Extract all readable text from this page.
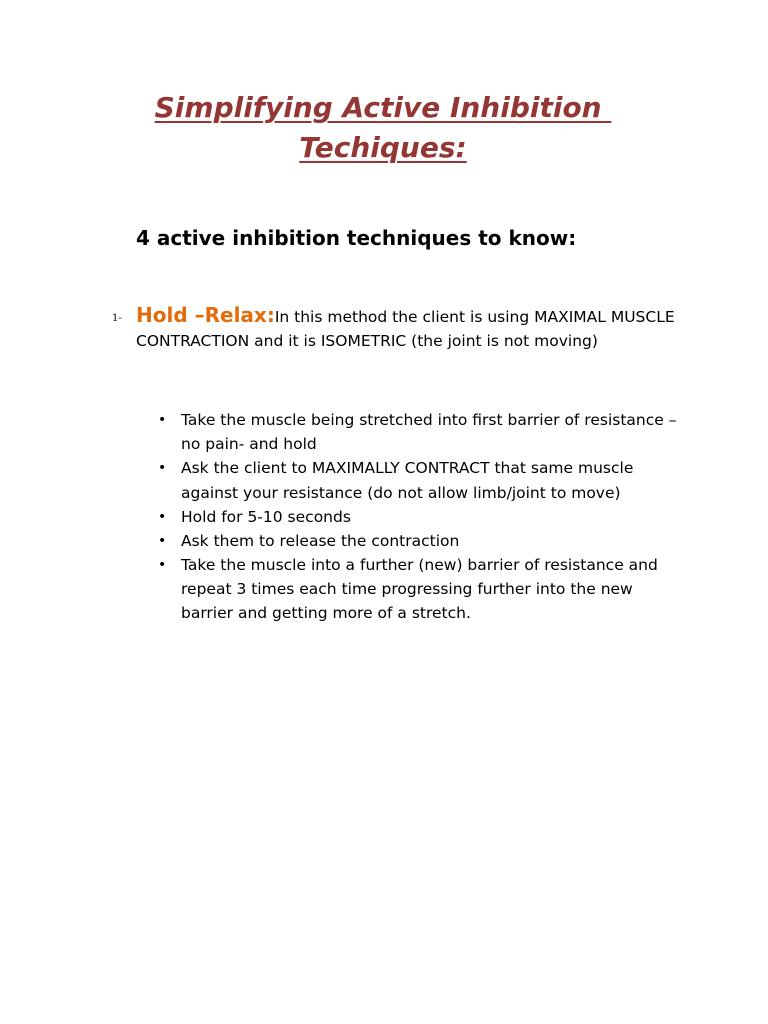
Simplifying Active Inhibition
Techiques:
4 active inhibition techniques to know:

1- Hold –Relax:In this method the client is using MAXIMAL MUSCLE CONTRACTION and it is ISOMETRIC (the joint is not moving)

• Take the muscle being stretched into first barrier of resistance –no pain- and hold
• Ask the client to MAXIMALLY CONTRACT that same muscle against your resistance (do not allow limb/joint to move)
• Hold for 5-10 seconds
• Ask them to release the contraction
• Take the muscle into a further (new) barrier of resistance and repeat 3 times each time progressing further into the new barrier and getting more of a stretch.
